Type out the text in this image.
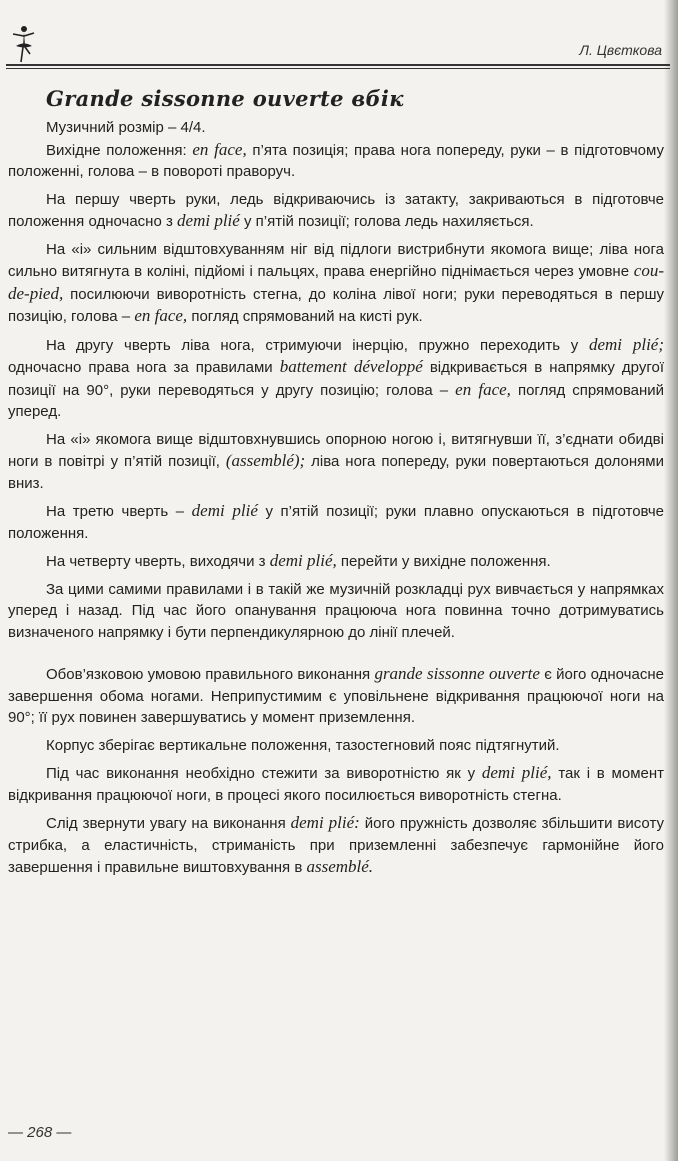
Л. Цвєткова
Grande sissonne ouverte вбік

Музичний розмір – 4/4.

Вихідне положення: en face, п’ята позиція; права нога попереду, руки – в підготовчому положенні, голова – в повороті праворуч.

На першу чверть руки, ледь відкриваючись із затакту, закриваються в підготовче положення одночасно з demi plié у п’ятій позиції; голова ледь нахиляється.

На «і» сильним відштовхуванням ніг від підлоги вистрибнути якомога вище; ліва нога сильно витягнута в коліні, підйомі і пальцях, права енергійно піднімається через умовне cou-de-pied, посилюючи виворотність стегна, до коліна лівої ноги; руки переводяться в першу позицію, голова – en face, погляд спрямований на кисті рук.

На другу чверть ліва нога, стримуючи інерцію, пружно переходить у demi plié; одночасно права нога за правилами battement développé відкривається в напрямку другої позиції на 90°, руки переводяться у другу позицію; голова – en face, погляд спрямований уперед.

На «і» якомога вище відштовхнувшись опорною ногою і, витягнувши її, з’єднати обидві ноги в повітрі у п’ятій позиції, (assemblé); ліва нога попереду, руки повертаються долонями вниз.

На третю чверть – demi plié у п’ятій позиції; руки плавно опускаються в підготовче положення.

На четверту чверть, виходячи з demi plié, перейти у вихідне положення.

За цими самими правилами і в такій же музичній розкладці рух вивчається у напрямках уперед і назад. Під час його опанування працююча нога повинна точно дотримуватись визначеного напрямку і бути перпендикулярною до лінії плечей.

Обов’язковою умовою правильного виконання grande sissonne ouverte є його одночасне завершення обома ногами. Неприпустимим є уповільнене відкривання працюючої ноги на 90°; її рух повинен завершуватись у момент приземлення.

Корпус зберігає вертикальне положення, тазостегновий пояс підтягнутий.

Під час виконання необхідно стежити за виворотністю як у demi plié, так і в момент відкривання працюючої ноги, в процесі якого посилюється виворотність стегна.

Слід звернути увагу на виконання demi plié: його пружність дозволяє збільшити висоту стрибка, а еластичність, стриманість при приземленні забезпечує гармонійне його завершення і правильне виштовхування в assemblé.

— 268 —
